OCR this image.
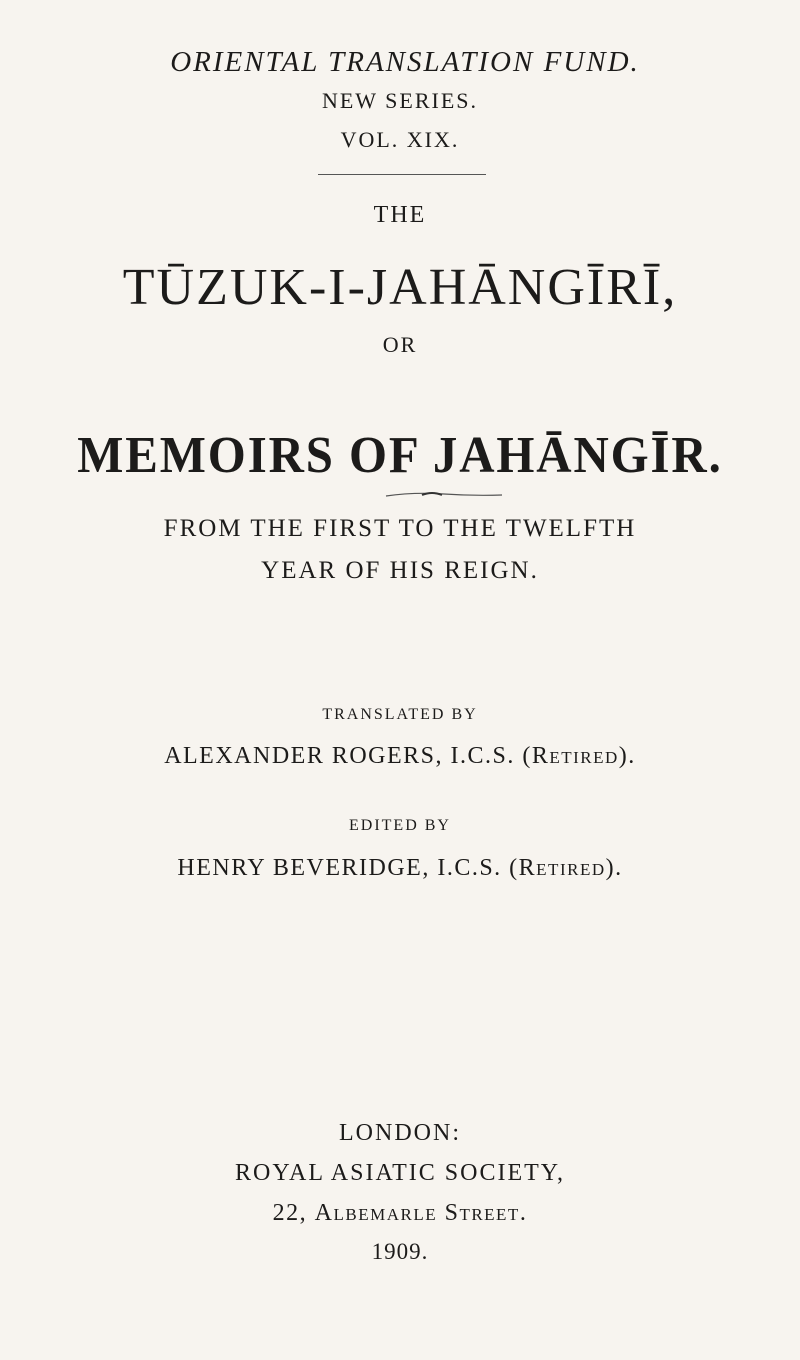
ORIENTAL TRANSLATION FUND.
NEW SERIES.
VOL. XIX.
THE
TŪZUK-I-JAHĀNGĪRĪ,
OR
MEMOIRS OF JAHĀNGĪR.
FROM THE FIRST TO THE TWELFTH
YEAR OF HIS REIGN.
TRANSLATED BY
ALEXANDER ROGERS, I.C.S. (Retired).
EDITED BY
HENRY BEVERIDGE, I.C.S. (Retired).
LONDON:
ROYAL ASIATIC SOCIETY,
22, Albemarle Street.
1909.
